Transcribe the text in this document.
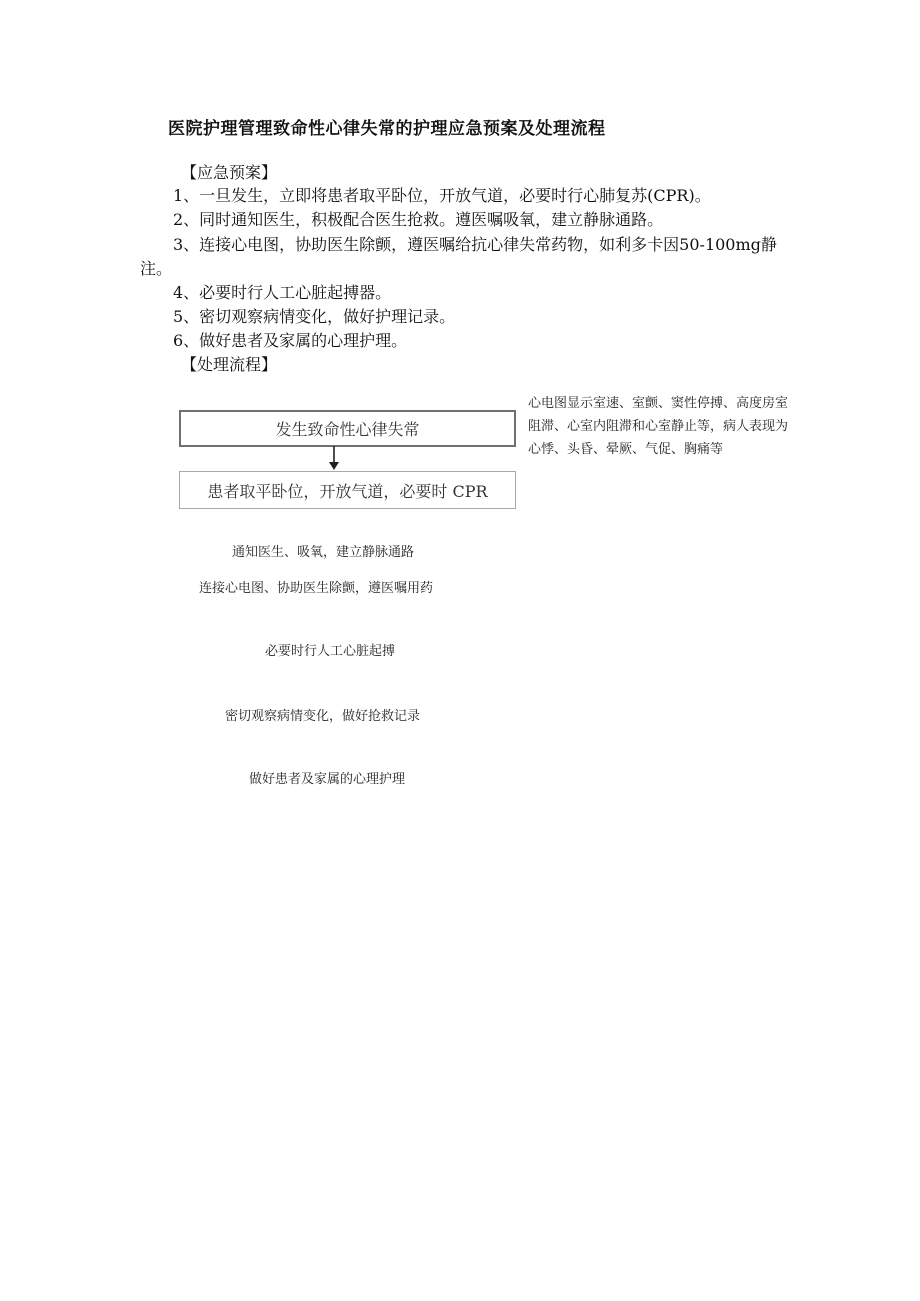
医院护理管理致命性心律失常的护理应急预案及处理流程
【应急预案】
1、一旦发生，立即将患者取平卧位，开放气道，必要时行心肺复苏(CPR)。
2、同时通知医生，积极配合医生抢救。遵医嘱吸氧，建立静脉通路。
3、连接心电图，协助医生除颤，遵医嘱给抗心律失常药物，如利多卡因50-100mg静注。
4、必要时行人工心脏起搏器。
5、密切观察病情变化，做好护理记录。
6、做好患者及家属的心理护理。
【处理流程】
发生致命性心律失常
患者取平卧位，开放气道，必要时 CPR
心电图显示室速、室颤、窦性停搏、高度房室阻滞、心室内阻滞和心室静止等，病人表现为心悸、头昏、晕厥、气促、胸痛等
通知医生、吸氧，建立静脉通路
连接心电图、协助医生除颤，遵医嘱用药
必要时行人工心脏起搏
密切观察病情变化，做好抢救记录
做好患者及家属的心理护理
